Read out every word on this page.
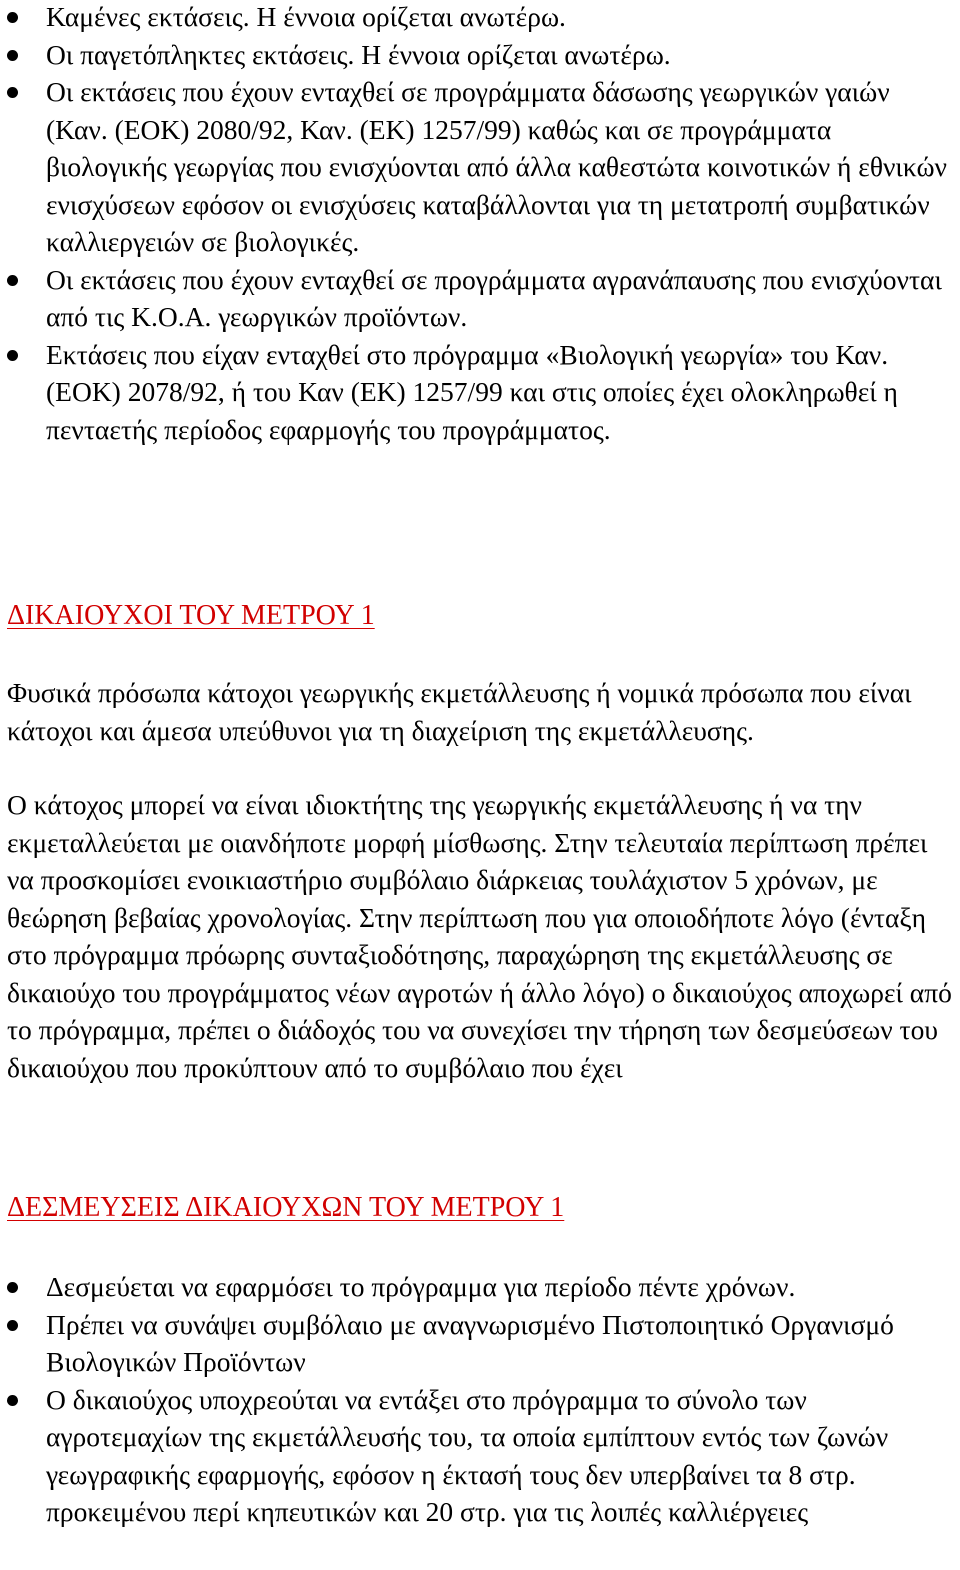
Καμένες εκτάσεις. Η έννοια ορίζεται ανωτέρω.
Οι παγετόπληκτες εκτάσεις. Η έννοια ορίζεται ανωτέρω.
Οι εκτάσεις που έχουν ενταχθεί σε προγράμματα δάσωσης γεωργικών γαιών (Καν. (ΕΟΚ) 2080/92, Καν. (ΕΚ) 1257/99) καθώς και σε προγράμματα βιολογικής γεωργίας που ενισχύονται από άλλα καθεστώτα κοινοτικών ή εθνικών ενισχύσεων εφόσον οι ενισχύσεις καταβάλλονται για τη μετατροπή συμβατικών καλλιεργειών σε βιολογικές.
Οι εκτάσεις που έχουν ενταχθεί σε προγράμματα αγρανάπαυσης που ενισχύονται από τις Κ.Ο.Α. γεωργικών προϊόντων.
Εκτάσεις που είχαν ενταχθεί στο πρόγραμμα «Βιολογική γεωργία» του Καν. (ΕΟΚ) 2078/92, ή του Καν (ΕΚ) 1257/99 και στις οποίες έχει ολοκληρωθεί η πενταετής περίοδος εφαρμογής του προγράμματος.
ΔΙΚΑΙΟΥΧΟΙ ΤΟΥ ΜΕΤΡΟΥ 1

Φυσικά πρόσωπα κάτοχοι γεωργικής εκμετάλλευσης ή νομικά πρόσωπα που είναι κάτοχοι και άμεσα υπεύθυνοι για τη διαχείριση της εκμετάλλευσης.

Ο κάτοχος μπορεί να είναι ιδιοκτήτης της γεωργικής εκμετάλλευσης ή να την εκμεταλλεύεται με οιανδήποτε μορφή μίσθωσης. Στην τελευταία περίπτωση πρέπει να προσκομίσει ενοικιαστήριο συμβόλαιο διάρκειας τουλάχιστον 5 χρόνων, με θεώρηση βεβαίας χρονολογίας. Στην περίπτωση που για οποιοδήποτε λόγο (ένταξη στο πρόγραμμα πρόωρης συνταξιοδότησης, παραχώρηση της εκμετάλλευσης σε δικαιούχο του προγράμματος νέων αγροτών ή άλλο λόγο) ο δικαιούχος αποχωρεί από το πρόγραμμα, πρέπει ο διάδοχός του να συνεχίσει την τήρηση των δεσμεύσεων του δικαιούχου που προκύπτουν από το συμβόλαιο που έχει

ΔΕΣΜΕΥΣΕΙΣ ΔΙΚΑΙΟΥΧΩΝ ΤΟΥ ΜΕΤΡΟΥ 1
Δεσμεύεται να εφαρμόσει το πρόγραμμα για περίοδο πέντε χρόνων.
Πρέπει να συνάψει συμβόλαιο με αναγνωρισμένο Πιστοποιητικό Οργανισμό Βιολογικών Προϊόντων
Ο δικαιούχος υποχρεούται να εντάξει στο πρόγραμμα το σύνολο των αγροτεμαχίων της εκμετάλλευσής του, τα οποία εμπίπτουν εντός των ζωνών γεωγραφικής εφαρμογής, εφόσον η έκτασή τους δεν υπερβαίνει τα 8 στρ. προκειμένου περί κηπευτικών και 20 στρ. για τις λοιπές καλλιέργειες
